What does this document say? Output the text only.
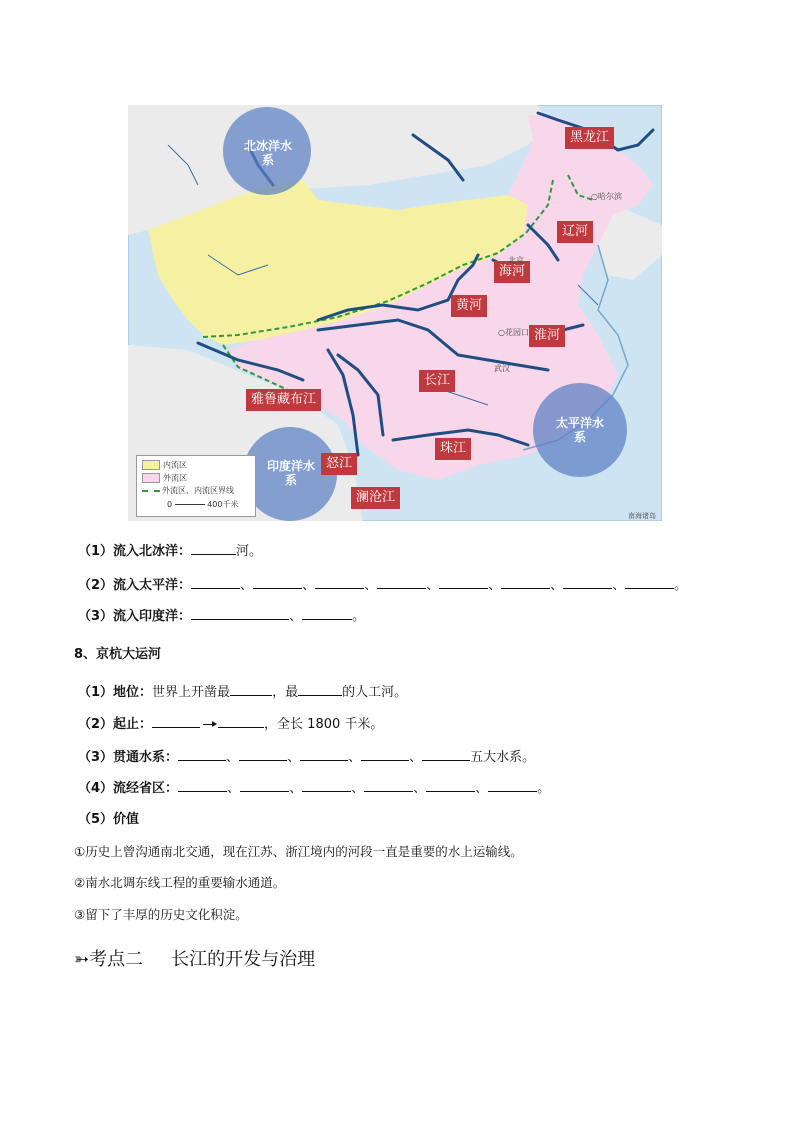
北冰洋水
系
太平洋水
系
印度洋水
系
黑龙江
辽河
海河
黄河
淮河
长江
珠江
雅鲁藏布江
怒江
澜沧江
○哈尔滨
北京
○花园口
武汉
南海诸岛
内流区
外流区
外流区、内流区界线
0	400千米
（1）流入北冰洋：	河。
（2）流入太平洋：	、	、	、	、	、	、	、	。
（3）流入印度洋：	、	。
8、京杭大运河
（1）地位：世界上开凿最	，最	的人工河。
（2）起止：	，全长 1800 千米。
（3）贯通水系：	、	、	、	、	五大水系。
（4）流经省区：	、	、	、	、	、	。
（5）价值
①历史上曾沟通南北交通，现在江苏、浙江境内的河段一直是重要的水上运输线。
②南水北调东线工程的重要输水通道。
③留下了丰厚的历史文化积淀。
➳考点二 长江的开发与治理
